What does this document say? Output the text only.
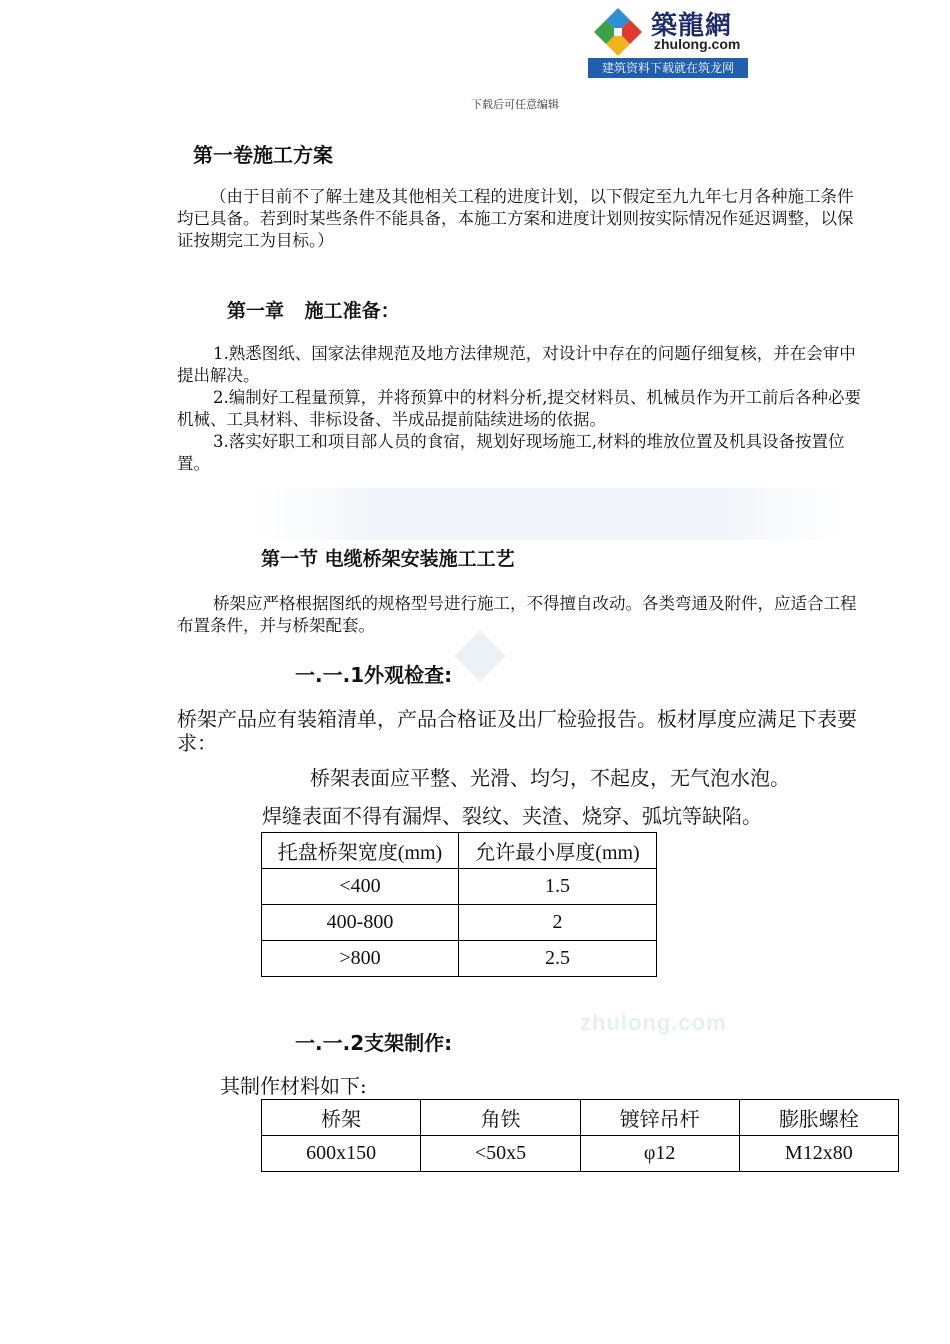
築龍網
zhulong.com
建筑资料下载就在筑龙网
下载后可任意编辑
zhulong.com
第一卷施工方案
（由于目前不了解土建及其他相关工程的进度计划，以下假定至九九年七月各种施工条件均已具备。若到时某些条件不能具备，本施工方案和进度计划则按实际情况作延迟调整，以保证按期完工为目标。）
第一章 施工准备：
1.熟悉图纸、国家法律规范及地方法律规范，对设计中存在的问题仔细复核，并在会审中提出解决。
2.编制好工程量预算，并将预算中的材料分析,提交材料员、机械员作为开工前后各种必要机械、工具材料、非标设备、半成品提前陆续进场的依据。
3.落实好职工和项目部人员的食宿，规划好现场施工,材料的堆放位置及机具设备按置位置。
第一节 电缆桥架安装施工工艺
桥架应严格根据图纸的规格型号进行施工，不得擅自改动。各类弯通及附件，应适合工程布置条件，并与桥架配套。
一.一.1外观检查:
桥架产品应有装箱清单，产品合格证及出厂检验报告。板材厚度应满足下表要求：
桥架表面应平整、光滑、均匀，不起皮，无气泡水泡。
焊缝表面不得有漏焊、裂纹、夹渣、烧穿、弧坑等缺陷。
托盘桥架宽度(mm)	允许最小厚度(mm)
<400	1.5
400-800	2
>800	2.5
一.一.2支架制作:
其制作材料如下:
桥架	角铁	镀锌吊杆	膨胀螺栓
600x150	<50x5	φ12	M12x80
